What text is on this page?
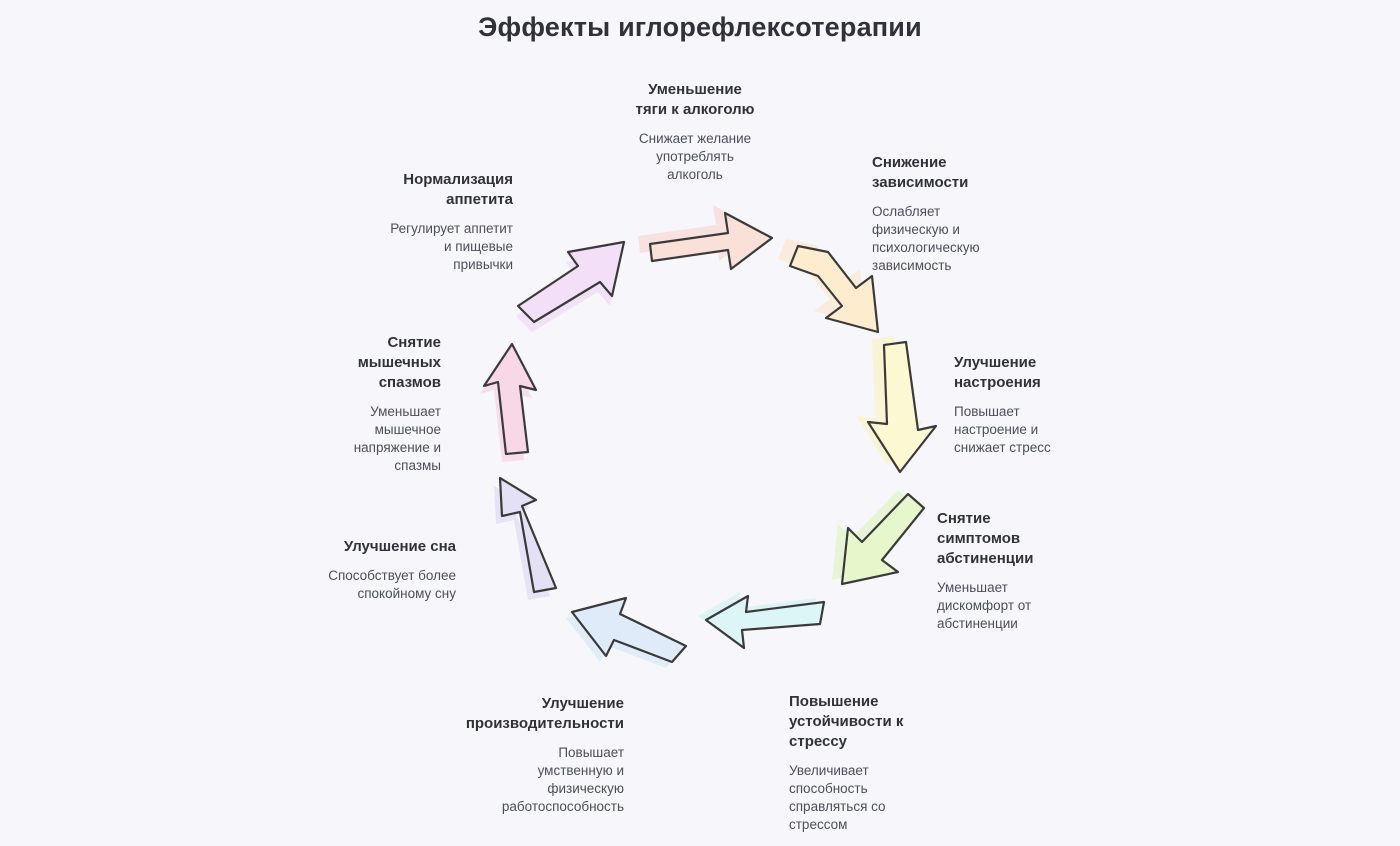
Эффекты иглорефлексотерапии
Уменьшение
тяги к алкоголю
Снижает желание
употреблять
алкоголь
Снижение
зависимости
Ослабляет
физическую и
психологическую
зависимость
Улучшение
настроения
Повышает
настроение и
снижает стресс
Снятие
симптомов
абстиненции
Уменьшает
дискомфорт от
абстиненции
Повышение
устойчивости к
стрессу
Увеличивает
способность
справляться со
стрессом
Улучшение
производительности
Повышает
умственную и
физическую
работоспособность
Улучшение сна
Способствует более
спокойному сну
Снятие
мышечных
спазмов
Уменьшает
мышечное
напряжение и
спазмы
Нормализация
аппетита
Регулирует аппетит
и пищевые
привычки
